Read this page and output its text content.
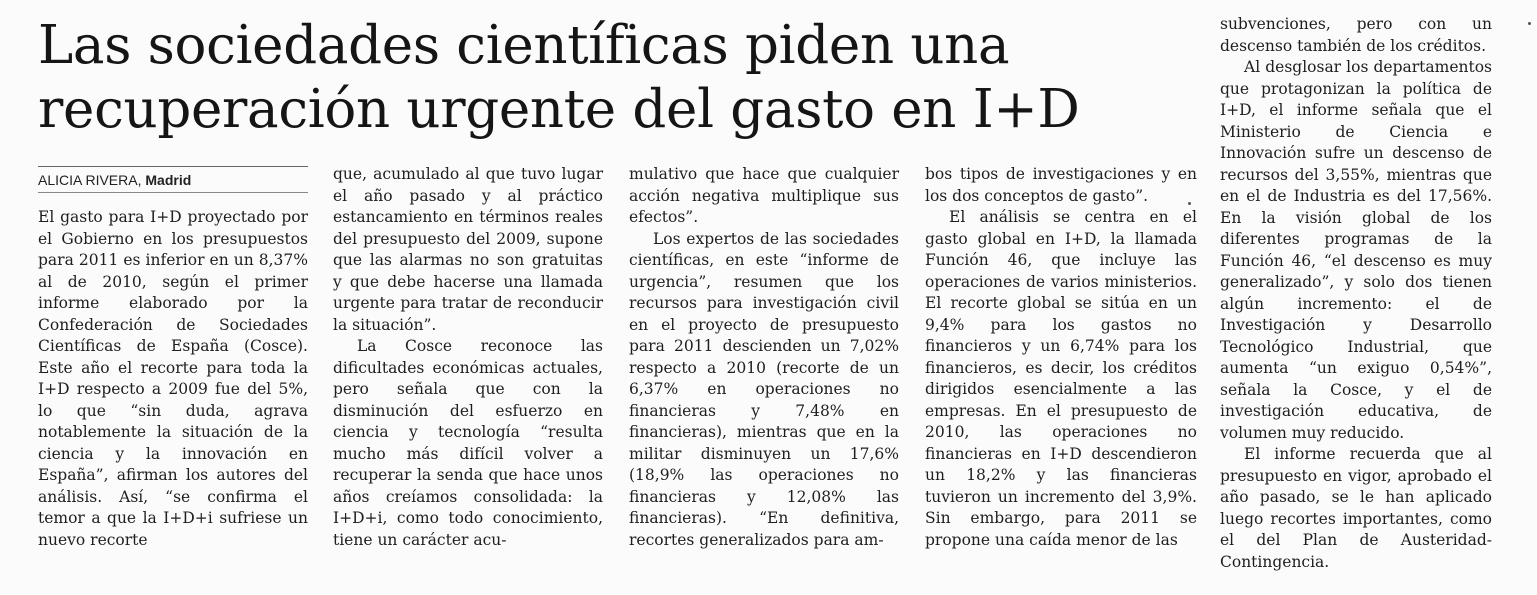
Las sociedades científicas piden una recuperación urgente del gasto en I+D
ALICIA RIVERA, Madrid

El gasto para I+D proyectado por el Gobierno en los presupuestos para 2011 es inferior en un 8,37% al de 2010, según el primer informe elaborado por la Confederación de Sociedades Científicas de España (Cosce). Este año el recorte para toda la I+D respecto a 2009 fue del 5%, lo que “sin duda, agrava notablemente la situación de la ciencia y la innovación en España”, afirman los autores del análisis. Así, “se confirma el temor a que la I+D+i sufriese un nuevo recorte

que, acumulado al que tuvo lugar el año pasado y al práctico estancamiento en términos reales del presupuesto del 2009, supone que las alarmas no son gratuitas y que debe hacerse una llamada urgente para tratar de reconducir la situación”.

La Cosce reconoce las dificultades económicas actuales, pero señala que con la disminución del esfuerzo en ciencia y tecnología “resulta mucho más difícil volver a recuperar la senda que hace unos años creíamos consolidada: la I+D+i, como todo conocimiento, tiene un carácter acu-

mulativo que hace que cualquier acción negativa multiplique sus efectos”.

Los expertos de las sociedades científicas, en este “informe de urgencia”, resumen que los recursos para investigación civil en el proyecto de presupuesto para 2011 descienden un 7,02% respecto a 2010 (recorte de un 6,37% en operaciones no financieras y 7,48% en financieras), mientras que en la militar disminuyen un 17,6% (18,9% las operaciones no financieras y 12,08% las financieras). “En definitiva, recortes generalizados para am-

bos tipos de investigaciones y en los dos conceptos de gasto”.

El análisis se centra en el gasto global en I+D, la llamada Función 46, que incluye las operaciones de varios ministerios. El recorte global se sitúa en un 9,4% para los gastos no financieros y un 6,74% para los financieros, es decir, los créditos dirigidos esencialmente a las empresas. En el presupuesto de 2010, las operaciones no financieras en I+D descendieron un 18,2% y las financieras tuvieron un incremento del 3,9%. Sin embargo, para 2011 se propone una caída menor de las

subvenciones, pero con un descenso también de los créditos.

Al desglosar los departamentos que protagonizan la política de I+D, el informe señala que el Ministerio de Ciencia e Innovación sufre un descenso de recursos del 3,55%, mientras que en el de Industria es del 17,56%. En la visión global de los diferentes programas de la Función 46, “el descenso es muy generalizado”, y solo dos tienen algún incremento: el de Investigación y Desarrollo Tecnológico Industrial, que aumenta “un exiguo 0,54%”, señala la Cosce, y el de investigación educativa, de volumen muy reducido.

El informe recuerda que al presupuesto en vigor, aprobado el año pasado, se le han aplicado luego recortes importantes, como el del Plan de Austeridad-Contingencia.
